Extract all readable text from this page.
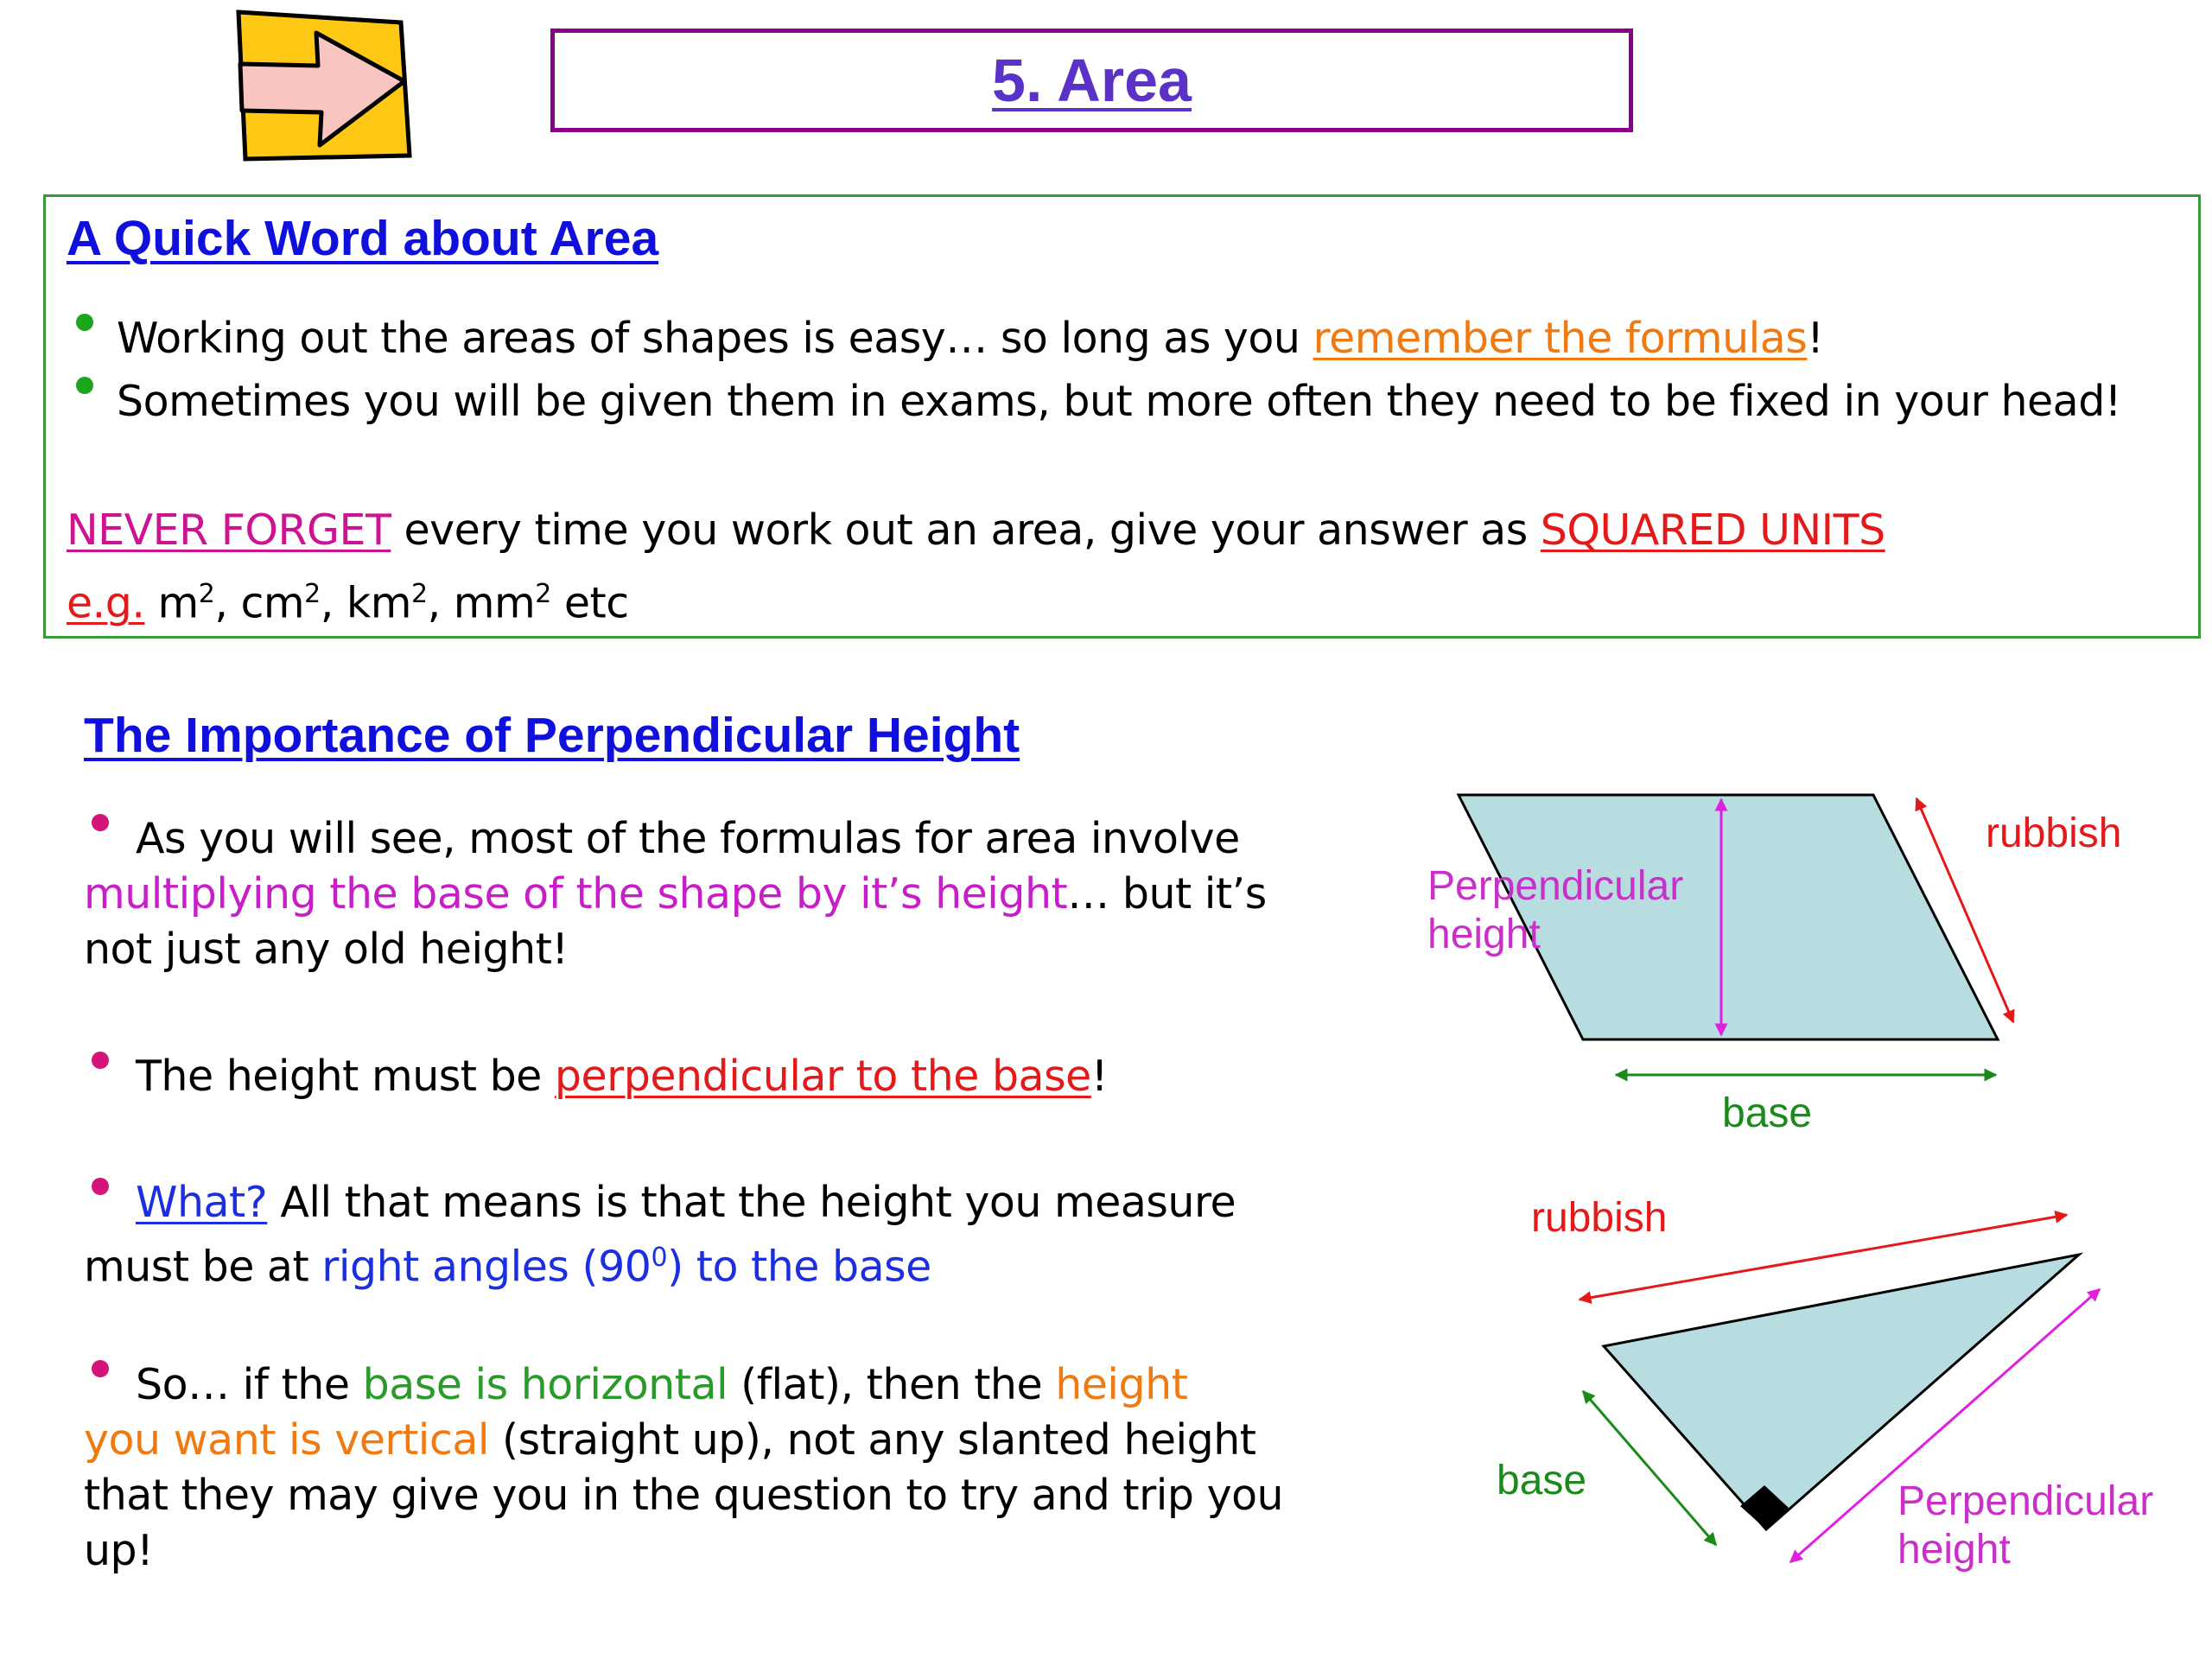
5. Area
A Quick Word about Area
Working out the areas of shapes is easy… so long as you remember the formulas!
Sometimes you will be given them in exams, but more often they need to be fixed in your head!
NEVER FORGET every time you work out an area, give your answer as SQUARED UNITS
e.g. $m^2$, $cm^2$, $km^2$, $mm^2$ etc
The Importance of Perpendicular Height
As you will see, most of the formulas for area involve
multiplying the base of the shape by it’s height… but it’s
not just any old height!
The height must be perpendicular to the base!
What? All that means is that the height you measure
must be at right angles $(90^0)$ to the base
So… if the base is horizontal (flat), then the height
you want is vertical (straight up), not any slanted height
that they may give you in the question to try and trip you
up!
Perpendicular
height
rubbish
base
rubbish
base	Perpendicular
height
